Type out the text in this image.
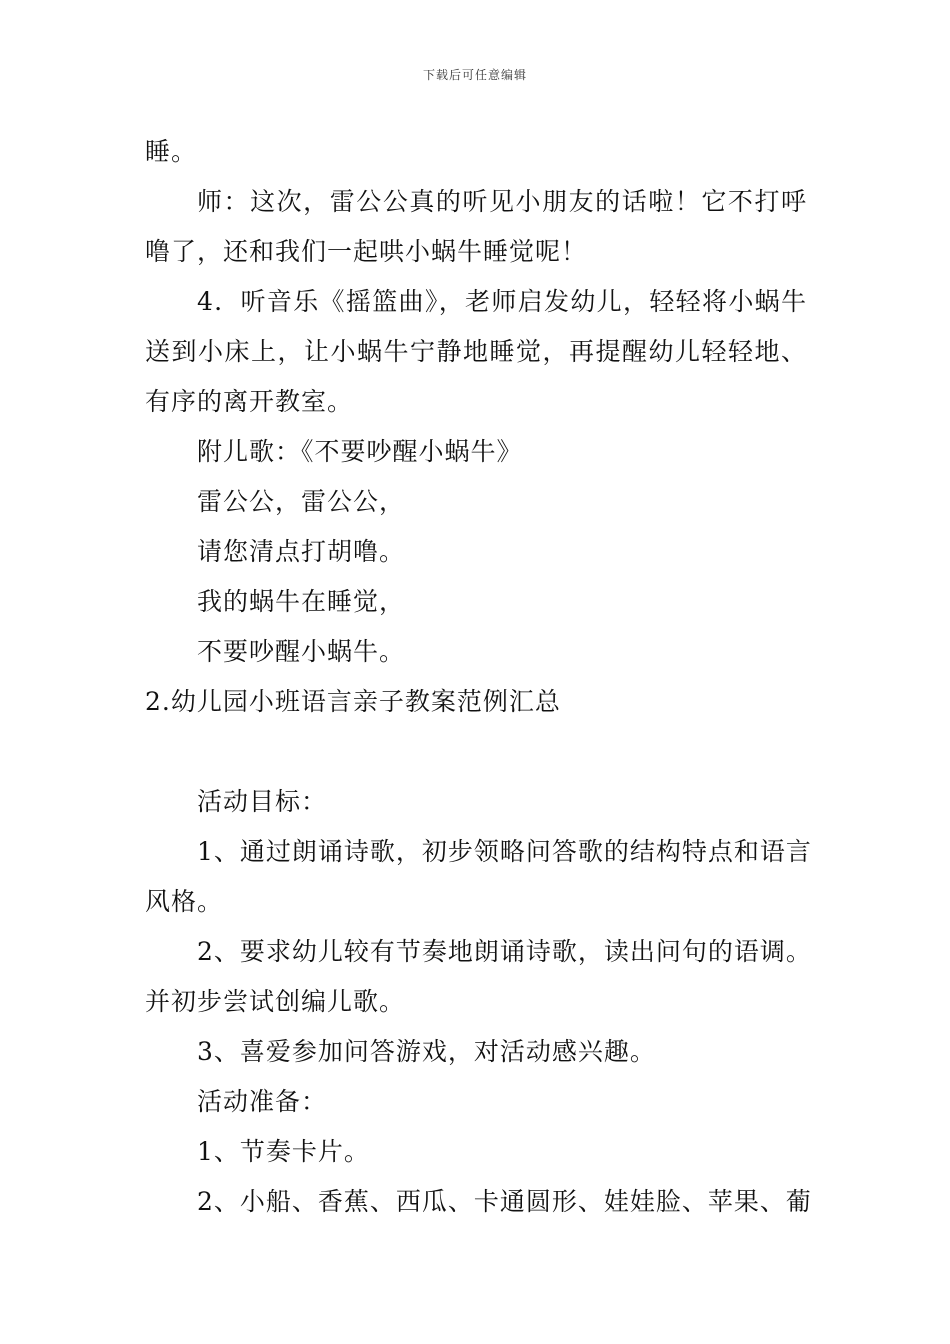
下载后可任意编辑
睡。
师：这次，雷公公真的听见小朋友的话啦！它不打呼
噜了，还和我们一起哄小蜗牛睡觉呢！
4．听音乐《摇篮曲》，老师启发幼儿，轻轻将小蜗牛
送到小床上，让小蜗牛宁静地睡觉，再提醒幼儿轻轻地、
有序的离开教室。
附儿歌：《不要吵醒小蜗牛》
雷公公，雷公公，
请您清点打胡噜。
我的蜗牛在睡觉，
不要吵醒小蜗牛。
2.幼儿园小班语言亲子教案范例汇总
活动目标：
1、通过朗诵诗歌，初步领略问答歌的结构特点和语言
风格。
2、要求幼儿较有节奏地朗诵诗歌，读出问句的语调。
并初步尝试创编儿歌。
3、喜爱参加问答游戏，对活动感兴趣。
活动准备：
1、节奏卡片。
2、小船、香蕉、西瓜、卡通圆形、娃娃脸、苹果、葡
